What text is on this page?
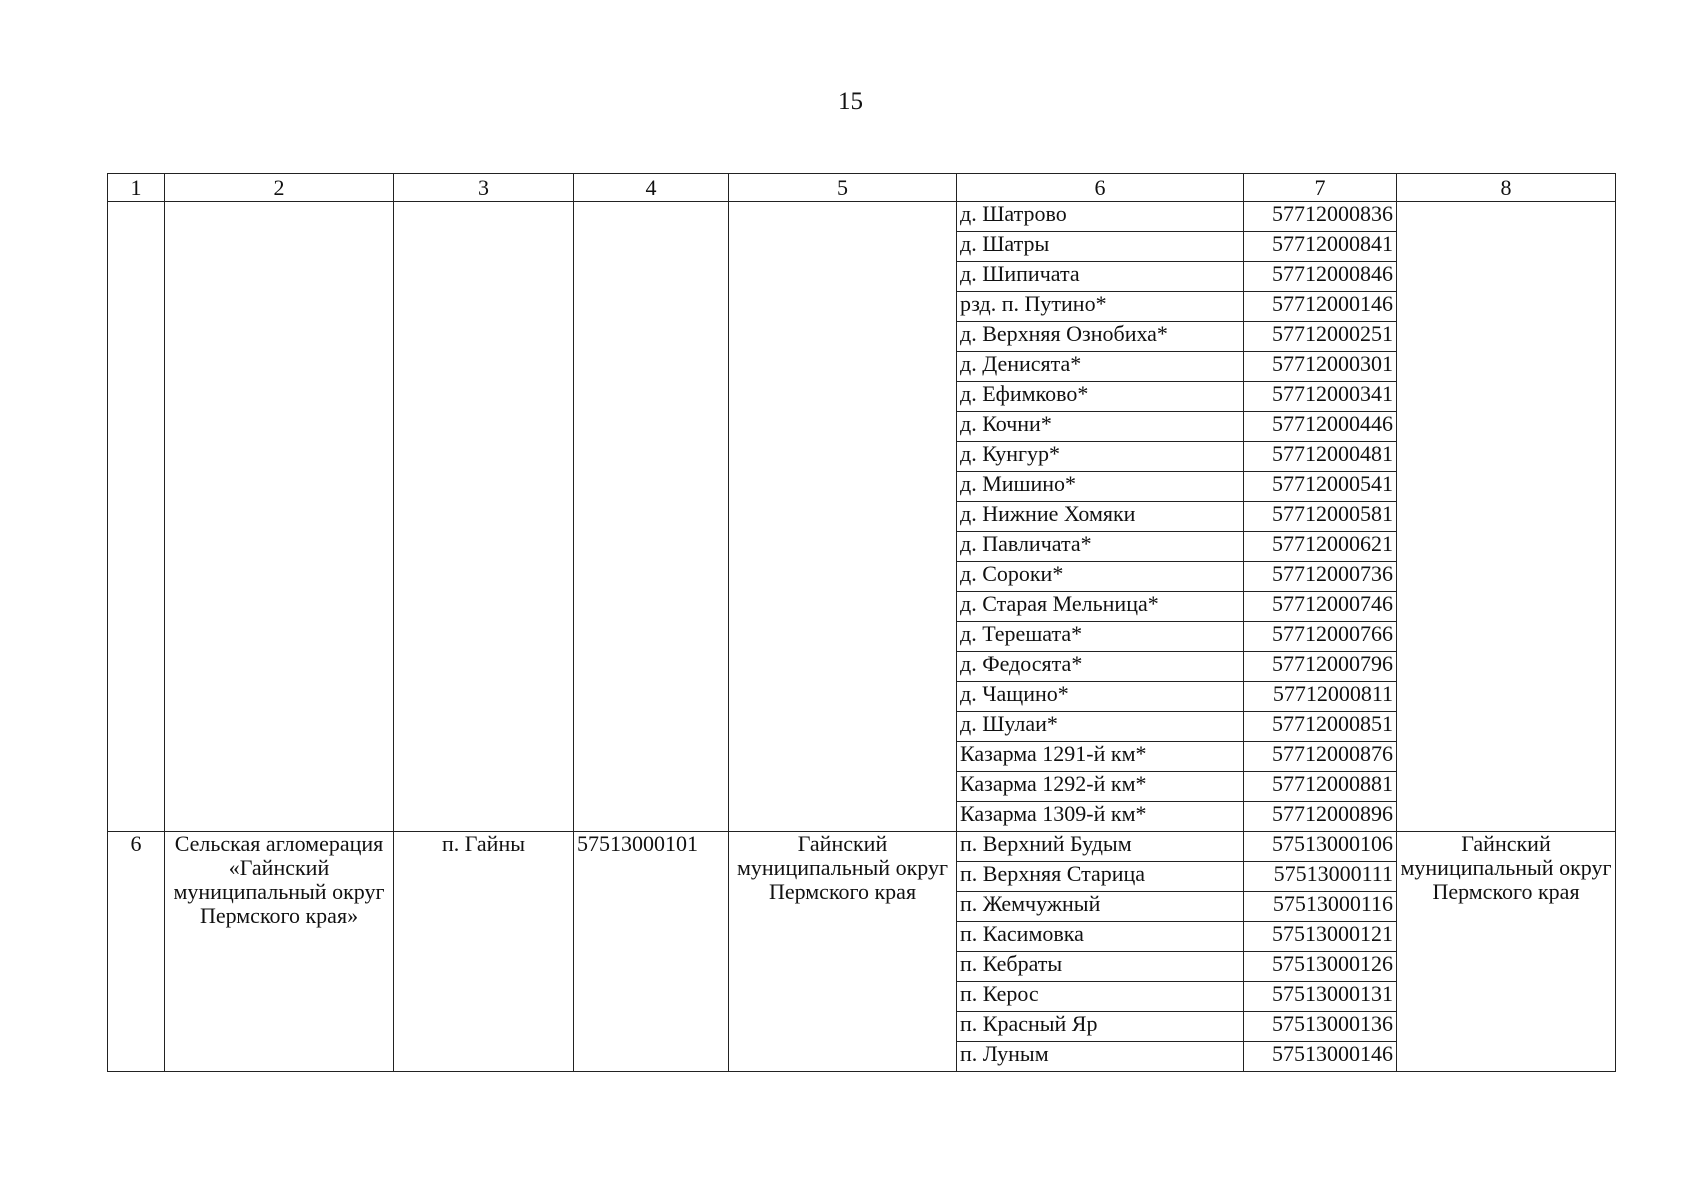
15
1	2	3	4	5	6	7	8
					д. Шатрово	57712000836	
					д. Шатры	57712000841	
					д. Шипичата	57712000846	
					рзд. п. Путино*	57712000146	
					д. Верхняя Ознобиха*	57712000251	
					д. Денисята*	57712000301	
					д. Ефимково*	57712000341	
					д. Кочни*	57712000446	
					д. Кунгур*	57712000481	
					д. Мишино*	57712000541	
					д. Нижние Хомяки	57712000581	
					д. Павличата*	57712000621	
					д. Сороки*	57712000736	
					д. Старая Мельница*	57712000746	
					д. Терешата*	57712000766	
					д. Федосята*	57712000796	
					д. Чащино*	57712000811	
					д. Шулаи*	57712000851	
					Казарма 1291-й км*	57712000876	
					Казарма 1292-й км*	57712000881	
					Казарма 1309-й км*	57712000896	
6	Сельская агломерация «Гайнский муниципальный округ Пермского края»	п. Гайны	57513000101	Гайнский муниципальный округ Пермского края	п. Верхний Будым	57513000106	Гайнский муниципальный округ Пермского края
					п. Верхняя Старица	57513000111	
					п. Жемчужный	57513000116	
					п. Касимовка	57513000121	
					п. Кебраты	57513000126	
					п. Керос	57513000131	
					п. Красный Яр	57513000136	
					п. Луным	57513000146	
